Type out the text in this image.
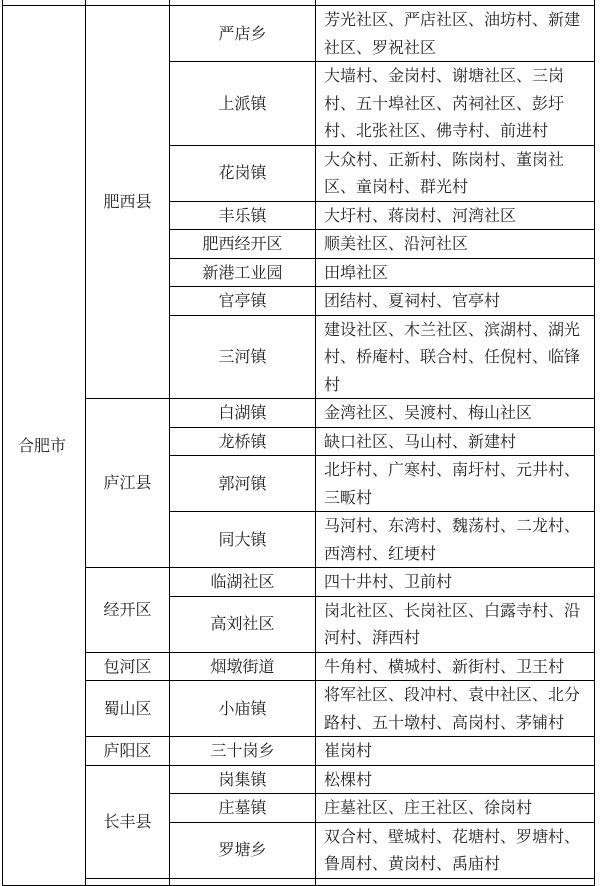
合肥市	肥西县	严店乡	芳光社区、严店社区、油坊村、新建社区、罗祝社区
		上派镇	大墙村、金岗村、谢塘社区、三岗村、五十埠社区、芮祠社区、彭圩村、北张社区、佛寺村、前进村
		花岗镇	大众村、正新村、陈岗村、董岗社区、童岗村、群光村
		丰乐镇	大圩村、蒋岗村、河湾社区
		肥西经开区	顺美社区、沿河社区
		新港工业园	田埠社区
		官亭镇	团结村、夏祠村、官亭村
		三河镇	建设社区、木兰社区、滨湖村、湖光村、桥庵村、联合村、任倪村、临锋村
	庐江县	白湖镇	金湾社区、吴渡村、梅山社区
		龙桥镇	缺口社区、马山村、新建村
		郭河镇	北圩村、广寒村、南圩村、元井村、三畈村
		同大镇	马河村、东湾村、魏荡村、二龙村、西湾村、红埂村
	经开区	临湖社区	四十井村、卫前村
		高刘社区	岗北社区、长岗社区、白露寺村、沿河村、湃西村
	包河区	烟墩街道	牛角村、横城村、新街村、卫王村
	蜀山区	小庙镇	将军社区、段冲村、袁中社区、北分路村、五十墩村、高岗村、茅铺村
	庐阳区	三十岗乡	崔岗村
	长丰县	岗集镇	松棵村
		庄墓镇	庄墓社区、庄王社区、徐岗村
		罗塘乡	双合村、壁城村、花塘村、罗塘村、鲁周村、黄岗村、禹庙村
